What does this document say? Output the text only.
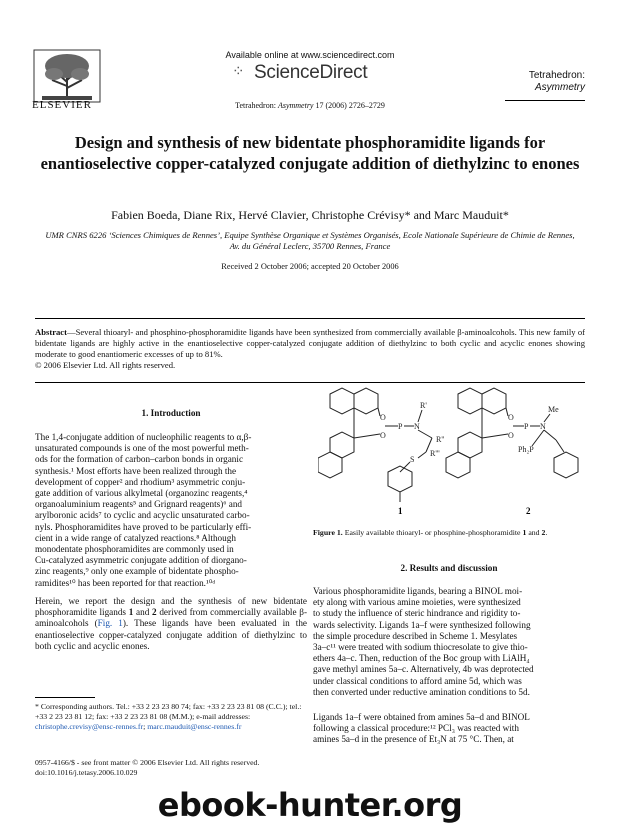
ELSEVIER
Available online at www.sciencedirect.com
⁘ ScienceDirect
Tetrahedron: Asymmetry 17 (2006) 2726–2729
Tetrahedron:
Asymmetry
Design and synthesis of new bidentate phosphoramidite ligands for enantioselective copper-catalyzed conjugate addition of diethylzinc to enones
Fabien Boeda, Diane Rix, Hervé Clavier, Christophe Crévisy* and Marc Mauduit*
UMR CNRS 6226 ‘Sciences Chimiques de Rennes’, Equipe Synthèse Organique et Systèmes Organisés, Ecole Nationale Supérieure de Chimie de Rennes, Av. du Général Leclerc, 35700 Rennes, France
Received 2 October 2006; accepted 20 October 2006
Abstract—Several thioaryl- and phosphino-phosphoramidite ligands have been synthesized from commercially available β-aminoalcohols. This new family of bidentate ligands are highly active in the enantioselective copper-catalyzed conjugate addition of diethylzinc to both cyclic and acyclic enones showing moderate to good enantiomeric excesses of up to 81%.
© 2006 Elsevier Ltd. All rights reserved.
1. Introduction
The 1,4-conjugate addition of nucleophilic reagents to α,β-
unsaturated compounds is one of the most powerful meth-
ods for the formation of carbon–carbon bonds in organic
synthesis.¹ Most efforts have been realized through the
development of copper² and rhodium³ asymmetric conju-
gate addition of various alkylmetal (organozinc reagents,⁴
organoaluminium reagents⁵ and Grignard reagents)⁶ and
arylboronic acids⁷ to cyclic and acyclic unsaturated carbo-
nyls. Phosphoramidites have proved to be particularly effi-
cient in a wide range of catalyzed reactions.⁸ Although
monodentate phosphoramidites are commonly used in
Cu-catalyzed asymmetric conjugate addition of diorgano-
zinc reagents,⁹ only one example of bidentate phospho-
ramidites¹⁰ has been reported for that reaction.¹⁰ᵈ
Herein, we report the design and the synthesis of new bidentate phosphoramidite ligands 1 and 2 derived from commercially available β-aminoalcohols (Fig. 1). These ligands have been evaluated in the enantioselective copper-catalyzed conjugate addition of diethylzinc to both cyclic and acyclic enones.
* Corresponding authors. Tel.: +33 2 23 23 80 74; fax: +33 2 23 23 81 08 (C.C.); tel.: +33 2 23 23 81 12; fax: +33 2 23 23 81 08 (M.M.); e-mail addresses: christophe.crevisy@ensc-rennes.fr; marc.mauduit@ensc-rennes.fr
0957-4166/$ - see front matter © 2006 Elsevier Ltd. All rights reserved.
doi:10.1016/j.tetasy.2006.10.029
O
O
P N
R'
R''
R'''
S
O
O
P N
Me
Ph₂P
1	2
Figure 1. Easily available thioaryl- or phosphine-phosphoramidite 1 and 2.
2. Results and discussion
Various phosphoramidite ligands, bearing a BINOL moi-
ety along with various amine moieties, were synthesized
to study the influence of steric hindrance and rigidity to-
wards selectivity. Ligands 1a–f were synthesized following
the simple procedure described in Scheme 1. Mesylates
3a–c¹¹ were treated with sodium thiocresolate to give thio-
ethers 4a–c. Then, reduction of the Boc group with LiAlH₄
gave methyl amines 5a–c. Alternatively, 4b was deprotected
under classical conditions to afford amine 5d, which was
then converted under reductive amination conditions to 5d.
Ligands 1a–f were obtained from amines 5a–d and BINOL
following a classical procedure:¹² PCl₃ was reacted with
amines 5a–d in the presence of Et₃N at 75 °C. Then, at
ebook-hunter.org
